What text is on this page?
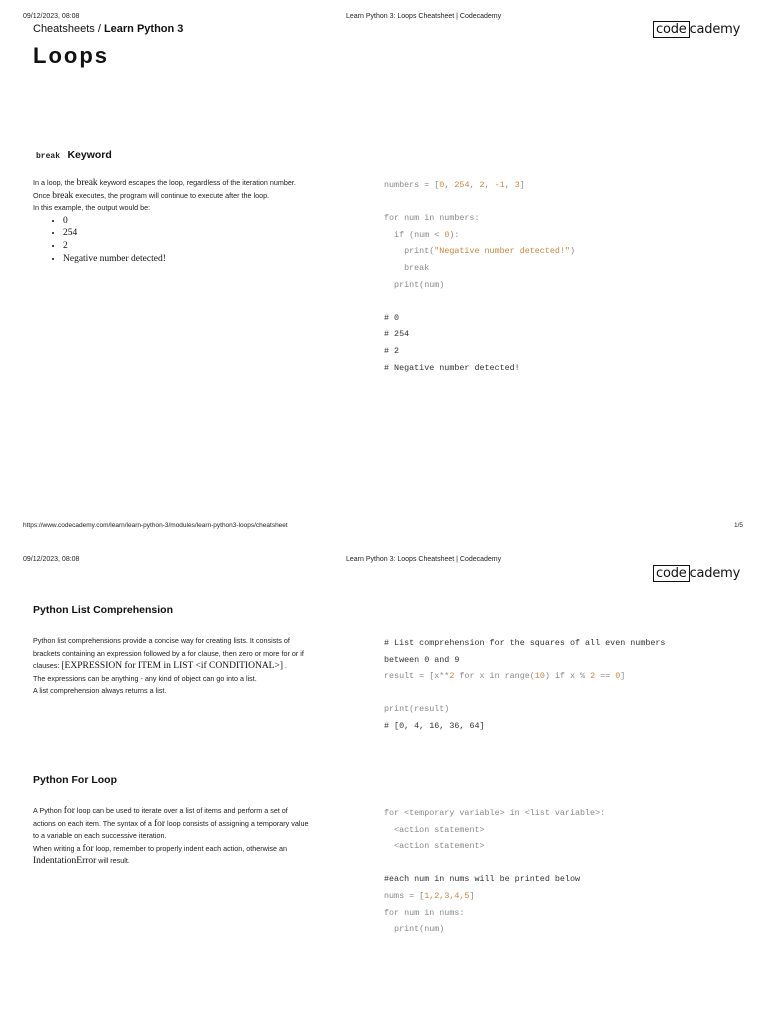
09/12/2023, 08:08	Learn Python 3: Loops Cheatsheet | Codecademy
Cheatsheets / Learn Python 3	code cademy
Loops
break Keyword
In a loop, the break keyword escapes the loop, regardless of the iteration number.
Once break executes, the program will continue to execute after the loop.
In this example, the output would be:
• 0
• 254
• 2
• Negative number detected!
numbers = [0, 254, 2, -1, 3]

for num in numbers:
if (num < 0):
print("Negative number detected!")
break
print(num)

# 0
# 254
# 2
# Negative number detected!
https://www.codecademy.com/learn/learn-python-3/modules/learn-python3-loops/cheatsheet	1/5
09/12/2023, 08:08	Learn Python 3: Loops Cheatsheet | Codecademy
code cademy
Python List Comprehension
Python list comprehensions provide a concise way for creating lists. It consists of
brackets containing an expression followed by a for clause, then zero or more for or if
clauses: [EXPRESSION for ITEM in LIST <if CONDITIONAL>] .
The expressions can be anything - any kind of object can go into a list.
A list comprehension always returns a list.
# List comprehension for the squares of all even numbers
between 0 and 9
result = [x**2 for x in range(10) if x % 2 == 0]

print(result)
# [0, 4, 16, 36, 64]
Python For Loop
A Python for loop can be used to iterate over a list of items and perform a set of
actions on each item. The syntax of a for loop consists of assigning a temporary value
to a variable on each successive iteration.
When writing a for loop, remember to properly indent each action, otherwise an
IndentationError will result.
for <temporary variable> in <list variable>:
<action statement>
<action statement>

#each num in nums will be printed below
nums = [1,2,3,4,5]
for num in nums:
print(num)
